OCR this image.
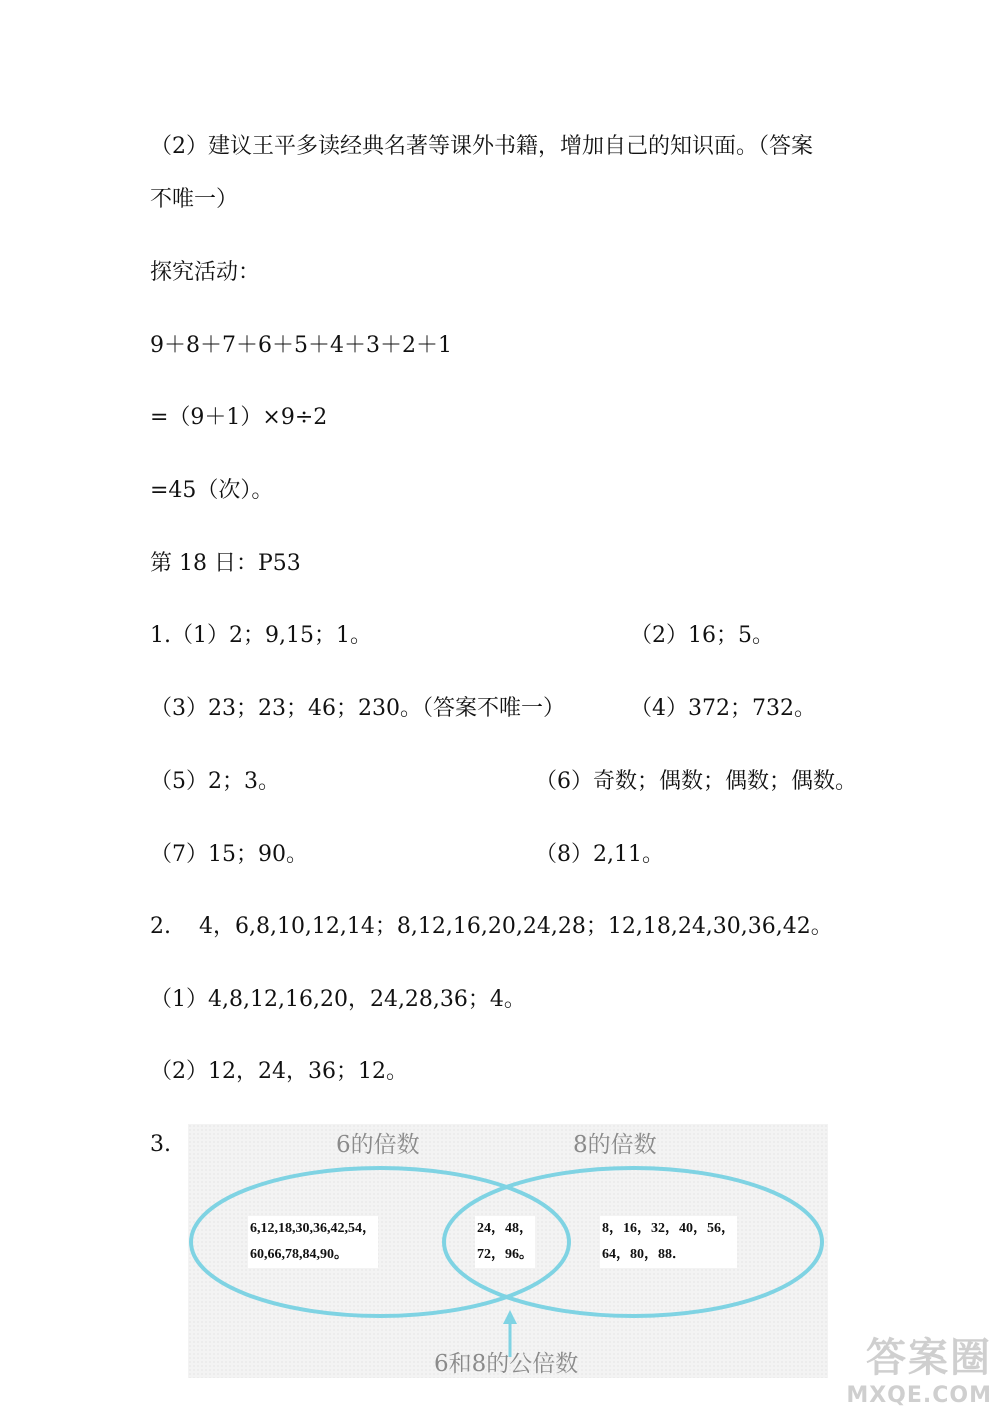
（2）建议王平多读经典名著等课外书籍，增加自己的知识面。（答案
不唯一）
探究活动：
9＋8＋7＋6＋5＋4＋3＋2＋1
=（9＋1）×9÷2
=45（次）。
第 18 日：P53
1.（1）2；9,15；1。	（2）16；5。
（3）23；23；46；230。（答案不唯一）	（4）372；732。
（5）2；3。	（6）奇数；偶数；偶数；偶数。
（7）15；90。	（8）2,11。
2.    4，6,8,10,12,14；8,12,16,20,24,28；12,18,24,30,36,42。
（1）4,8,12,16,20，24,28,36；4。
（2）12，24，36；12。
3.	6的倍数	8的倍数
6和8的公倍数
6,12,18,30,36,42,54，
60,66,78,84,90。
24，48，
72，96。
8，16，32，40，56，
64，80，88．
答案圈
MXQE.COM
